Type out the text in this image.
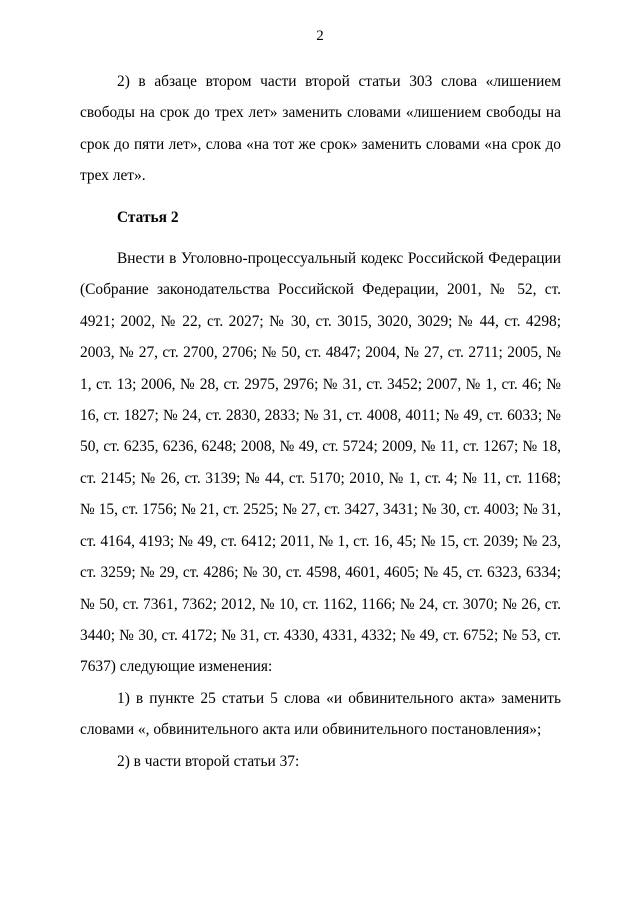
2

2) в абзаце втором части второй статьи 303 слова «лишением свободы на срок до трех лет» заменить словами «лишением свободы на срок до пяти лет», слова «на тот же срок» заменить словами «на срок до трех лет».

Статья 2

Внести в Уголовно-процессуальный кодекс Российской Федерации (Собрание законодательства Российской Федерации, 2001, № 52, ст. 4921; 2002, № 22, ст. 2027; № 30, ст. 3015, 3020, 3029; № 44, ст. 4298; 2003, № 27, ст. 2700, 2706; № 50, ст. 4847; 2004, № 27, ст. 2711; 2005, № 1, ст. 13; 2006, № 28, ст. 2975, 2976; № 31, ст. 3452; 2007, № 1, ст. 46; № 16, ст. 1827; № 24, ст. 2830, 2833; № 31, ст. 4008, 4011; № 49, ст. 6033; № 50, ст. 6235, 6236, 6248; 2008, № 49, ст. 5724; 2009, № 11, ст. 1267; № 18, ст. 2145; № 26, ст. 3139; № 44, ст. 5170; 2010, № 1, ст. 4; № 11, ст. 1168; № 15, ст. 1756; № 21, ст. 2525; № 27, ст. 3427, 3431; № 30, ст. 4003; № 31, ст. 4164, 4193; № 49, ст. 6412; 2011, № 1, ст. 16, 45; № 15, ст. 2039; № 23, ст. 3259; № 29, ст. 4286; № 30, ст. 4598, 4601, 4605; № 45, ст. 6323, 6334; № 50, ст. 7361, 7362; 2012, № 10, ст. 1162, 1166; № 24, ст. 3070; № 26, ст. 3440; № 30, ст. 4172; № 31, ст. 4330, 4331, 4332; № 49, ст. 6752; № 53, ст. 7637) следующие изменения:

1) в пункте 25 статьи 5 слова «и обвинительного акта» заменить словами «, обвинительного акта или обвинительного постановления»;

2) в части второй статьи 37:
